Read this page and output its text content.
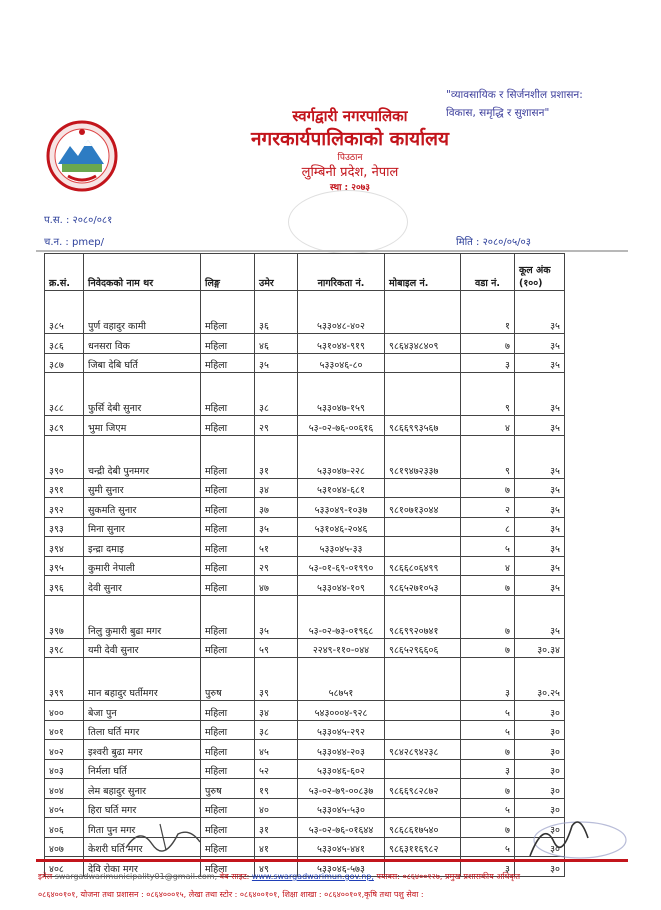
"व्यावसायिक र सिर्जनशील प्रशासन:
विकास, समृद्धि र सुशासन"
स्वर्गद्वारी नगरपालिका
नगरकार्यपालिकाको कार्यालय
पिउठान
लुम्बिनी प्रदेश, नेपाल
स्था : २०७३
प.स. : २०८०/०८१
च.न. : pmep/	मिति : २०८०/०५/०३
क्र.सं.	निवेदकको नाम थर	लिङ्ग	उमेर	नागरिकता नं.	मोबाइल नं.	वडा नं.	कूल अंक (१००)
३८५	पुर्ण वहादुर कामी	महिला	३६	५३३०४८-४०२		१	३५
३८६	धनसरा विक	महिला	४६	५३१०४४-९१९	९८६४३४८४०९	७	३५
३८७	जिबा देबि घर्ति	महिला	३५	५३३०४६-८०		३	३५
३८८	फुर्सि देबी सुनार	महिला	३८	५३३०४७-१५९		९	३५
३८९	भुमा जिएम	महिला	२९	५३-०२-७६-००६१६	९८६६९९३५६७	४	३५
३९०	चन्द्री देबी पुनमगर	महिला	३१	५३३०४७-२२८	९८१९४७२३३७	९	३५
३९१	सुमी सुनार	महिला	३४	५३१०४४-६८१		७	३५
३९२	सुकमति सुनार	महिला	३७	५३३०४९-१०३७	९८१०७१३०४४	२	३५
३९३	मिना सुनार	महिला	३५	५३१०४६-२०४६		८	३५
३९४	इन्द्रा दमाइ	महिला	५१	५३३०४५-३३		५	३५
३९५	कुमारी नेपाली	महिला	२९	५३-०१-६९-०१९९०	९८६६८०६४९९	४	३५
३९६	देवी सुनार	महिला	४७	५३३०४४-१०९	९८६५२७१०५३	७	३५
३९७	निलु कुमारी बुढा मगर	महिला	३५	५३-०२-७३-०१९६८	९८६९९२०७४१	७	३५
३९८	यमी देवी सुनार	महिला	५९	२२४९-११०-०४४	९८६५२९६६०६	७	३०.३४
३९९	मान बहादुर घर्तीमगर	पुरुष	३९	५८७५१		३	३०.२५
४००	बेजा पुन	महिला	३४	५४३०००४-९२८		५	३०
४०१	तिला घर्ति मगर	महिला	३८	५३३०४५-२९२		५	३०
४०२	इश्वरी बुढा मगर	महिला	४५	५३३०४४-२०३	९८४२८९४२३८	७	३०
४०३	निर्मला घर्ति	महिला	५२	५३३०४६-६०२		३	३०
४०४	लेम बहादुर सुनार	पुरुष	१९	५३-०२-७९-००८३७	९८६६९८२८७२	७	३०
४०५	हिरा घर्ति मगर	महिला	४०	५३३०४५-५३०		५	३०
४०६	गिता पुन मगर	महिला	३१	५३-०२-७६-०१६४४	९८६८६१७५४०	७	३०
४०७	केशरी घर्ति मगर	महिला	४१	५३३०४५-४४१	९८६३११६९८२	५	३०
४०८	देवि रोका मगर	महिला	४९	५३३०४६-५७३		३	३०
इमेल swargadwarimunicipality01@gmail.com, वेब साइट: www.swargadwarimun.gov.np, फ्याक्स: ०८६४००१२७, प्रमुख प्रशासकीय अधिकृत
०८६४००१०१, योजना तथा प्रशासन : ०८६४०००१५, लेखा तथा स्टोर : ०८६४००१०१, शिक्षा शाखा : ०८६४००१०१,कृषि तथा पशु सेवा :
